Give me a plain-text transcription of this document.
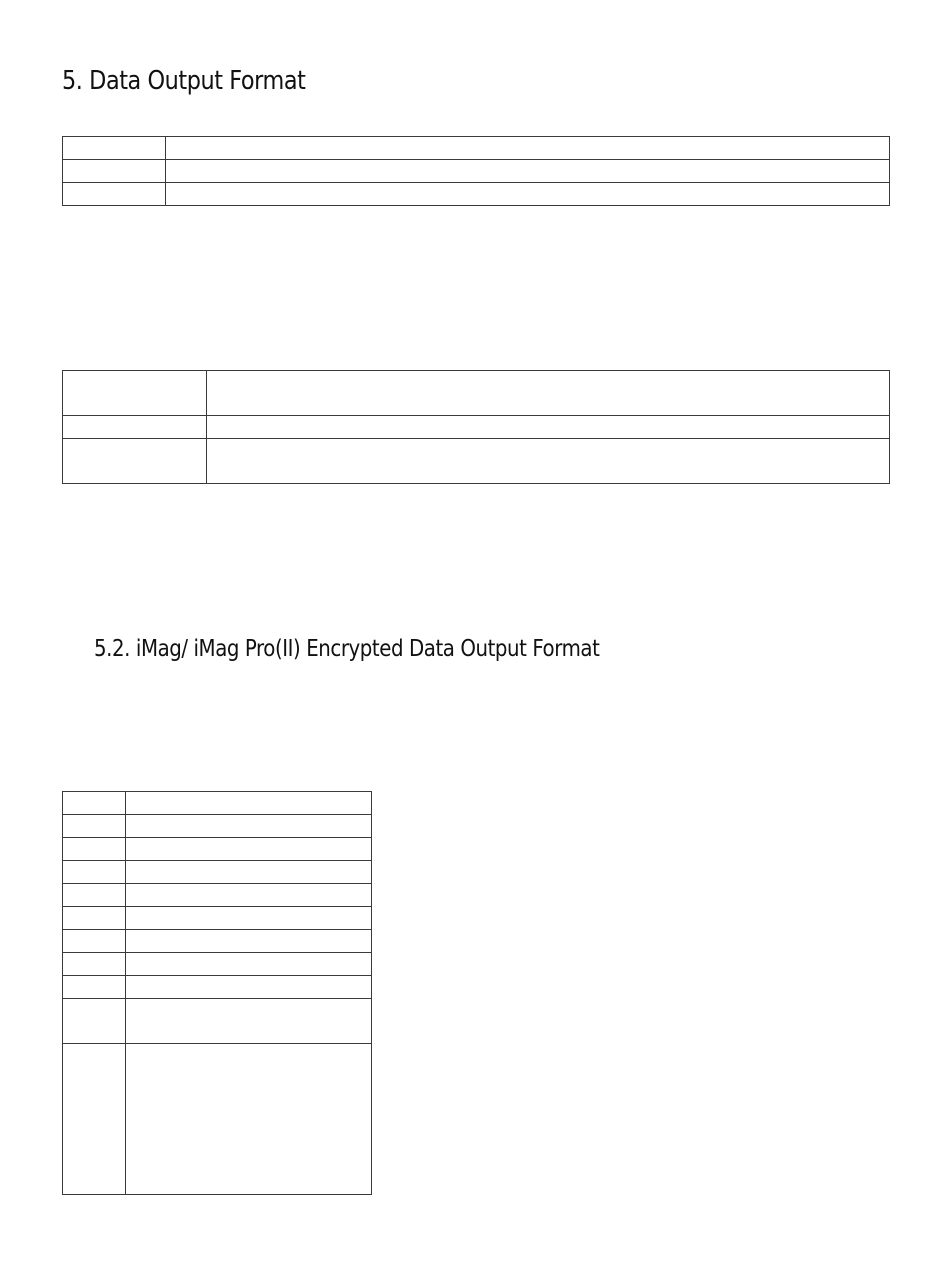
5. Data Output Format

5.2. iMag/ iMag Pro(II) Encrypted Data Output Format
